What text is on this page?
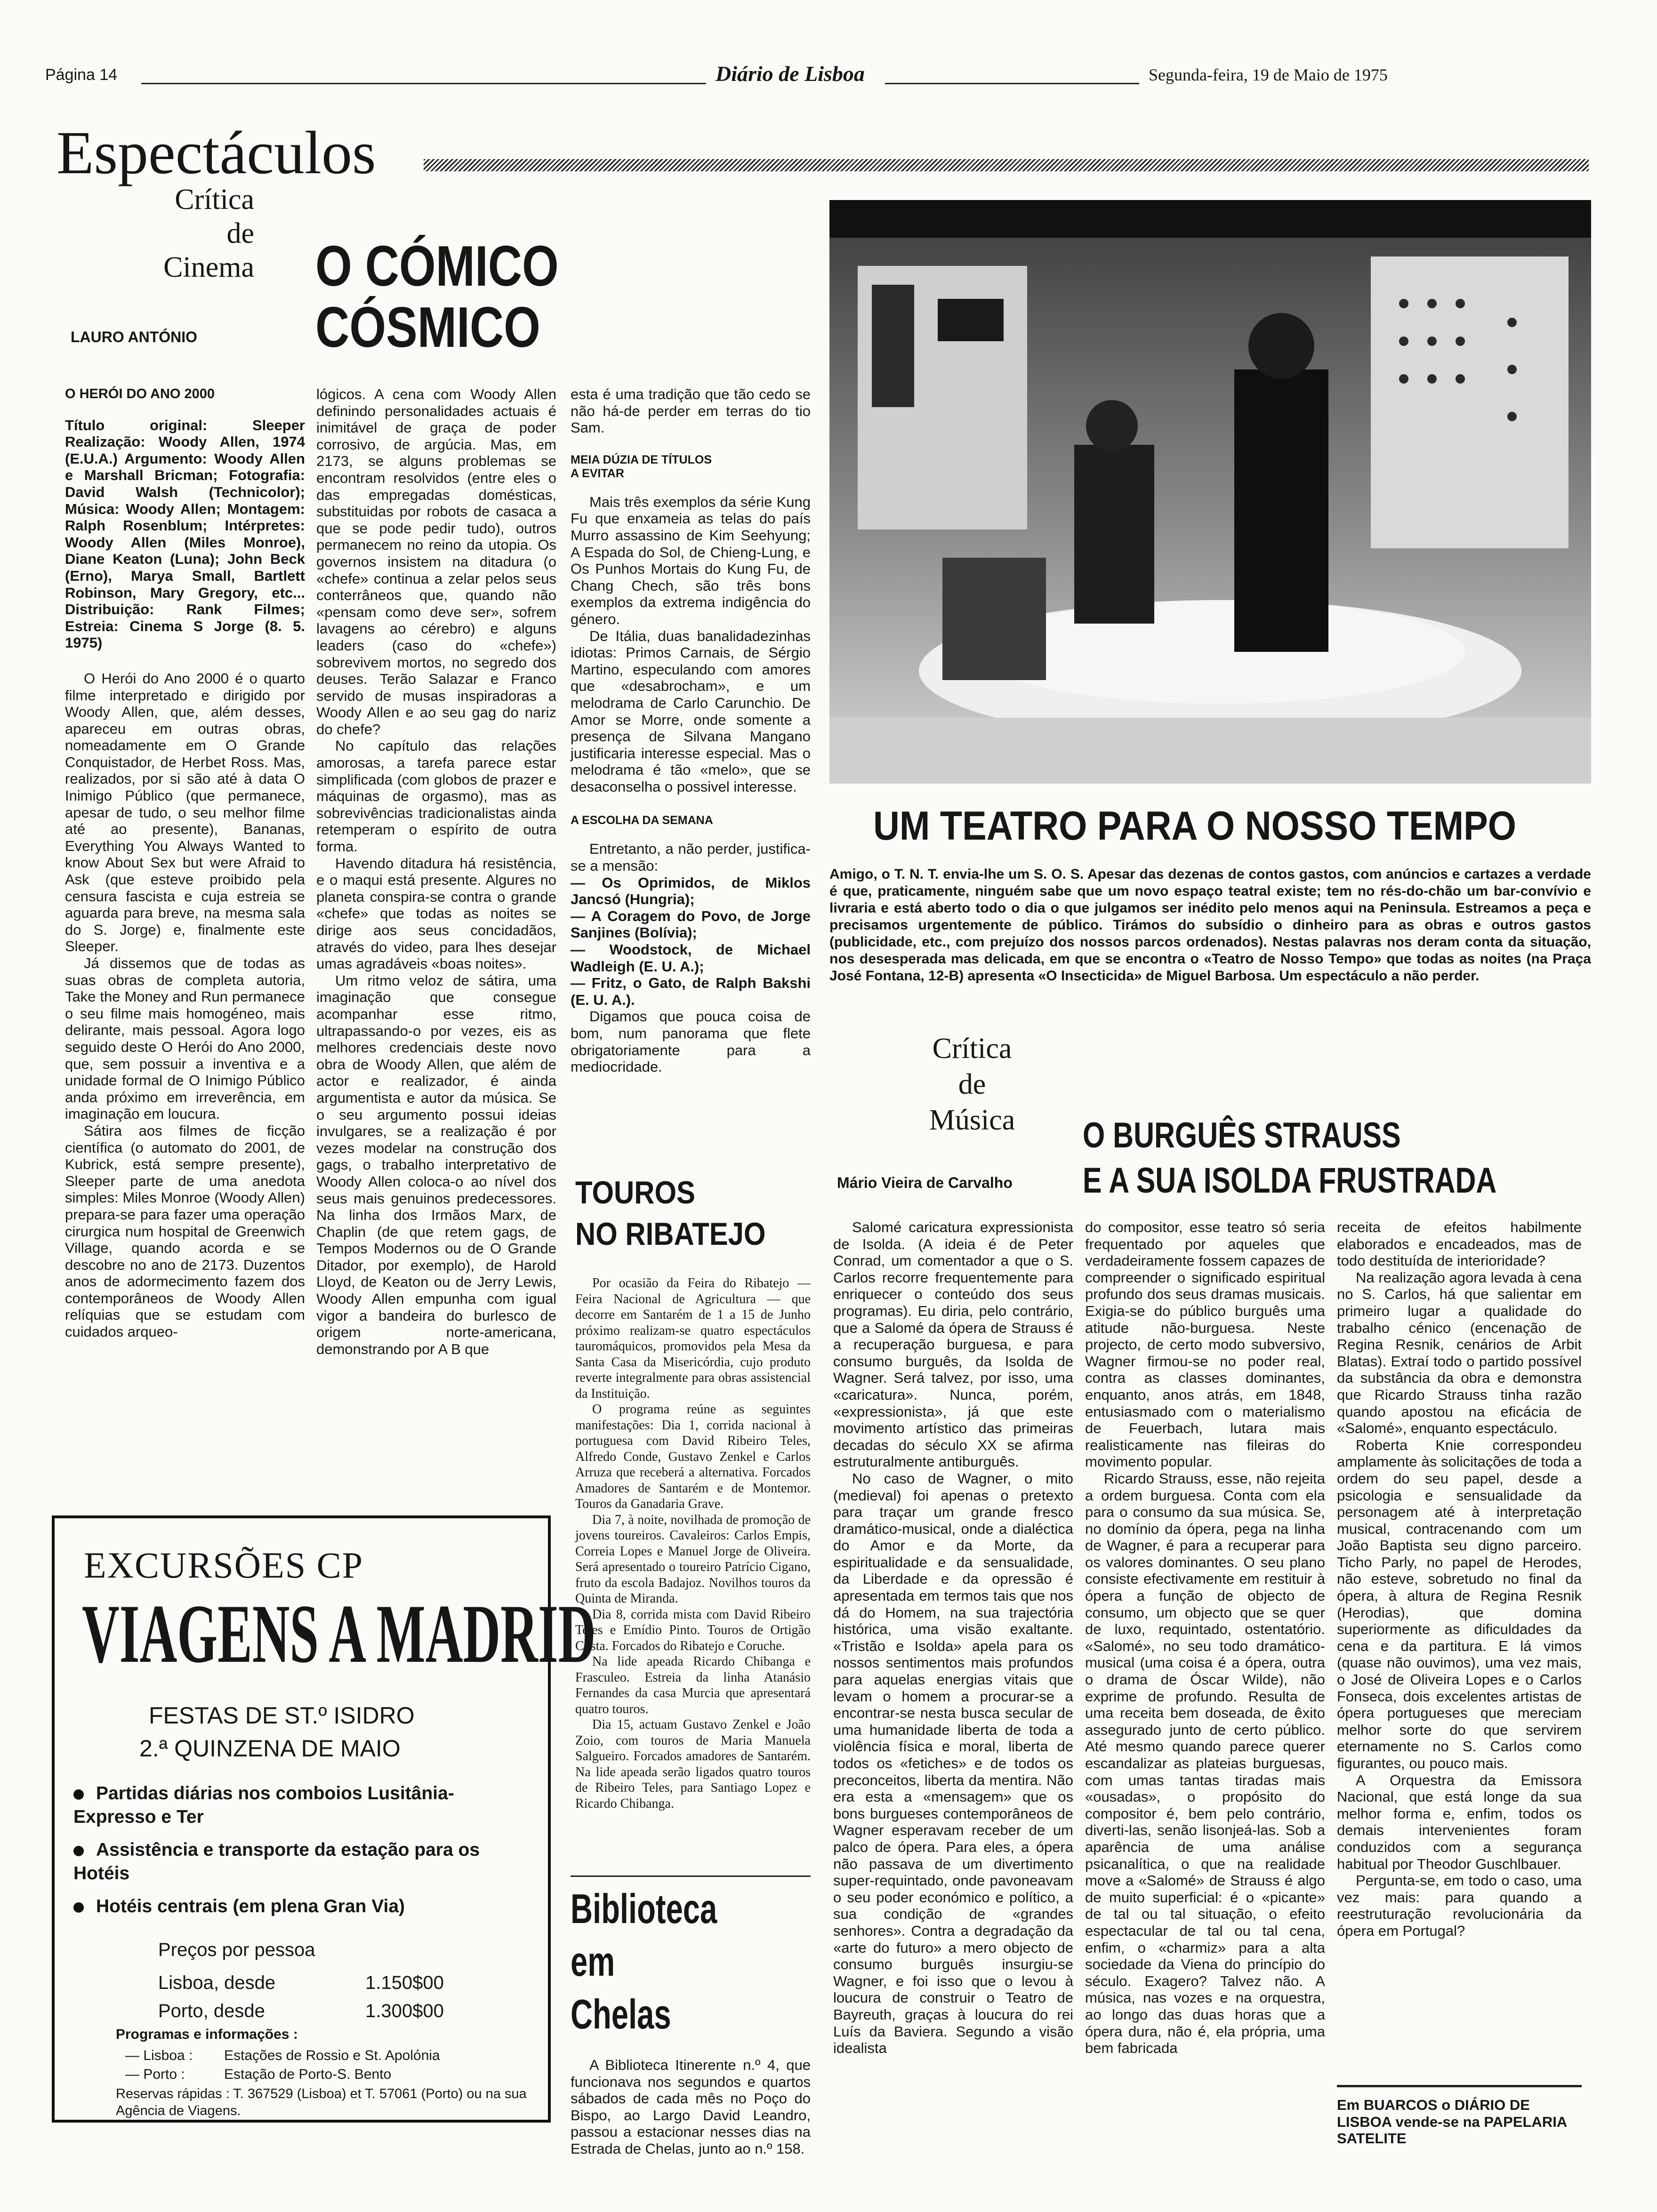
Página 14	Diário de Lisboa	Segunda-feira, 19 de Maio de 1975
Espectáculos
Crítica
de
Cinema
LAURO ANTÓNIO
O CÓMICO
CÓSMICO

O HERÓI DO ANO 2000

Título original: Sleeper Realização: Woody Allen, 1974 (E.U.A.) Argumento: Woody Allen e Marshall Bricman; Fotografia: David Walsh (Technicolor); Música: Woody Allen; Montagem: Ralph Rosenblum; Intérpretes: Woody Allen (Miles Monroe), Diane Keaton (Luna); John Beck (Erno), Marya Small, Bartlett Robinson, Mary Gregory, etc... Distribuição: Rank Filmes; Estreia: Cinema S Jorge (8. 5. 1975)

O Herói do Ano 2000 é o quarto filme interpretado e dirigido por Woody Allen, que, além desses, apareceu em outras obras, nomeadamente em O Grande Conquistador, de Herbet Ross. Mas, realizados, por si são até à data O Inimigo Público (que permanece, apesar de tudo, o seu melhor filme até ao presente), Bananas, Everything You Always Wanted to know About Sex but were Afraid to Ask (que esteve proibido pela censura fascista e cuja estreia se aguarda para breve, na mesma sala do S. Jorge) e, finalmente este Sleeper.

Já dissemos que de todas as suas obras de completa autoria, Take the Money and Run permanece o seu filme mais homogéneo, mais delirante, mais pessoal. Agora logo seguido deste O Herói do Ano 2000, que, sem possuir a inventiva e a unidade formal de O Inimigo Público anda próximo em irreverência, em imaginação em loucura.

Sátira aos filmes de ficção científica (o automato do 2001, de Kubrick, está sempre presente), Sleeper parte de uma anedota simples: Miles Monroe (Woody Allen) prepara-se para fazer uma operação cirurgica num hospital de Greenwich Village, quando acorda e se descobre no ano de 2173. Duzentos anos de adormecimento fazem dos contemporâneos de Woody Allen relíquias que se estudam com cuidados arqueo-

lógicos. A cena com Woody Allen definindo personalidades actuais é inimitável de graça de poder corrosivo, de argúcia. Mas, em 2173, se alguns problemas se encontram resolvidos (entre eles o das empregadas domésticas, substituidas por robots de casaca a que se pode pedir tudo), outros permanecem no reino da utopia. Os governos insistem na ditadura (o «chefe» continua a zelar pelos seus conterrâneos que, quando não «pensam como deve ser», sofrem lavagens ao cérebro) e alguns leaders (caso do «chefe») sobrevivem mortos, no segredo dos deuses. Terão Salazar e Franco servido de musas inspiradoras a Woody Allen e ao seu gag do nariz do chefe?

No capítulo das relações amorosas, a tarefa parece estar simplificada (com globos de prazer e máquinas de orgasmo), mas as sobrevivências tradicionalistas ainda retemperam o espírito de outra forma.

Havendo ditadura há resistência, e o maqui está presente. Algures no planeta conspira-se contra o grande «chefe» que todas as noites se dirige aos seus concidadãos, através do video, para lhes desejar umas agradáveis «boas noites».

Um ritmo veloz de sátira, uma imaginação que consegue acompanhar esse ritmo, ultrapassando-o por vezes, eis as melhores credenciais deste novo obra de Woody Allen, que além de actor e realizador, é ainda argumentista e autor da música. Se o seu argumento possui ideias invulgares, se a realização é por vezes modelar na construção dos gags, o trabalho interpretativo de Woody Allen coloca-o ao nível dos seus mais genuinos predecessores. Na linha dos Irmãos Marx, de Chaplin (de que retem gags, de Tempos Modernos ou de O Grande Ditador, por exemplo), de Harold Lloyd, de Keaton ou de Jerry Lewis, Woody Allen empunha com igual vigor a bandeira do burlesco de origem norte-americana, demonstrando por A B que

esta é uma tradição que tão cedo se não há-de perder em terras do tio Sam.

MEIA DÚZIA DE TÍTULOS A EVITAR

Mais três exemplos da série Kung Fu que enxameia as telas do país Murro assassino de Kim Seehyung; A Espada do Sol, de Chieng-Lung, e Os Punhos Mortais do Kung Fu, de Chang Chech, são três bons exemplos da extrema indigência do género.

De Itália, duas banalidadezinhas idiotas: Primos Carnais, de Sérgio Martino, especulando com amores que «desabrocham», e um melodrama de Carlo Carunchio. De Amor se Morre, onde somente a presença de Silvana Mangano justificaria interesse especial. Mas o melodrama é tão «melo», que se desaconselha o possivel interesse.

A ESCOLHA DA SEMANA

Entretanto, a não perder, justifica-se a mensão:

— Os Oprimidos, de Miklos Jancsó (Hungria);

— A Coragem do Povo, de Jorge Sanjines (Bolívia);

— Woodstock, de Michael Wadleigh (E. U. A.);

— Fritz, o Gato, de Ralph Bakshi (E. U. A.).

Digamos que pouca coisa de bom, num panorama que flete obrigatoriamente para a mediocridade.

UM TEATRO PARA O NOSSO TEMPO
Amigo, o T. N. T. envia-lhe um S. O. S. Apesar das dezenas de contos gastos, com anúncios e cartazes a verdade é que, praticamente, ninguém sabe que um novo espaço teatral existe; tem no rés-do-chão um bar-convívio e livraria e está aberto todo o dia o que julgamos ser inédito pelo menos aqui na Peninsula. Estreamos a peça e precisamos urgentemente de público. Tirámos do subsídio o dinheiro para as obras e outros gastos (publicidade, etc., com prejuízo dos nossos parcos ordenados). Nestas palavras nos deram conta da situação, nos desesperada mas delicada, em que se encontra o «Teatro de Nosso Tempo» que todas as noites (na Praça José Fontana, 12-B) apresenta «O Insecticida» de Miguel Barbosa. Um espectáculo a não perder.
TOUROS
NO RIBATEJO

Por ocasião da Feira do Ribatejo — Feira Nacional de Agricultura — que decorre em Santarém de 1 a 15 de Junho próximo realizam-se quatro espectáculos tauromáquicos, promovidos pela Mesa da Santa Casa da Misericórdia, cujo produto reverte integralmente para obras assistencial da Instituição.

O programa reúne as seguintes manifestações: Dia 1, corrida nacional à portuguesa com David Ribeiro Teles, Alfredo Conde, Gustavo Zenkel e Carlos Arruza que receberá a alternativa. Forcados Amadores de Santarém e de Montemor. Touros da Ganadaria Grave.

Dia 7, à noite, novilhada de promoção de jovens toureiros. Cavaleiros: Carlos Empis, Correia Lopes e Manuel Jorge de Oliveira. Será apresentado o toureiro Patrício Cigano, fruto da escola Badajoz. Novilhos touros da Quinta de Miranda.

Dia 8, corrida mista com David Ribeiro Teles e Emídio Pinto. Touros de Ortigão Costa. Forcados do Ribatejo e Coruche.

Na lide apeada Ricardo Chibanga e Frasculeo. Estreia da linha Atanásio Fernandes da casa Murcia que apresentará quatro touros.

Dia 15, actuam Gustavo Zenkel e João Zoio, com touros de Maria Manuela Salgueiro. Forcados amadores de Santarém. Na lide apeada serão ligados quatro touros de Ribeiro Teles, para Santiago Lopez e Ricardo Chibanga.

Biblioteca
em
Chelas
A Biblioteca Itinerente n.º 4, que funcionava nos segundos e quartos sábados de cada mês no Poço do Bispo, ao Largo David Leandro, passou a estacionar nesses dias na Estrada de Chelas, junto ao n.º 158.
Crítica
de
Música
Mário Vieira de Carvalho
O BURGUÊS STRAUSS
E A SUA ISOLDA FRUSTRADA

Salomé caricatura expressionista de Isolda. (A ideia é de Peter Conrad, um comentador a que o S. Carlos recorre frequentemente para enriquecer o conteúdo dos seus programas). Eu diria, pelo contrário, que a Salomé da ópera de Strauss é a recuperação burguesa, e para consumo burguês, da Isolda de Wagner. Será talvez, por isso, uma «caricatura». Nunca, porém, «expressionista», já que este movimento artístico das primeiras decadas do século XX se afirma estruturalmente antiburguês.

No caso de Wagner, o mito (medieval) foi apenas o pretexto para traçar um grande fresco dramático-musical, onde a dialéctica do Amor e da Morte, da espiritualidade e da sensualidade, da Liberdade e da opressão é apresentada em termos tais que nos dá do Homem, na sua trajectória histórica, uma visão exaltante. «Tristão e Isolda» apela para os nossos sentimentos mais profundos para aquelas energias vitais que levam o homem a procurar-se a encontrar-se nesta busca secular de uma humanidade liberta de toda a violência física e moral, liberta de todos os «fetiches» e de todos os preconceitos, liberta da mentira. Não era esta a «mensagem» que os bons burgueses contemporâneos de Wagner esperavam receber de um palco de ópera. Para eles, a ópera não passava de um divertimento super-requintado, onde pavoneavam o seu poder económico e político, a sua condição de «grandes senhores». Contra a degradação da «arte do futuro» a mero objecto de consumo burguês insurgiu-se Wagner, e foi isso que o levou à loucura de construir o Teatro de Bayreuth, graças à loucura do rei Luís da Baviera. Segundo a visão idealista

do compositor, esse teatro só seria frequentado por aqueles que verdadeiramente fossem capazes de compreender o significado espiritual profundo dos seus dramas musicais. Exigia-se do público burguês uma atitude não-burguesa. Neste projecto, de certo modo subversivo, Wagner firmou-se no poder real, contra as classes dominantes, enquanto, anos atrás, em 1848, entusiasmado com o materialismo de Feuerbach, lutara mais realisticamente nas fileiras do movimento popular.

Ricardo Strauss, esse, não rejeita a ordem burguesa. Conta com ela para o consumo da sua música. Se, no domínio da ópera, pega na linha de Wagner, é para a recuperar para os valores dominantes. O seu plano consiste efectivamente em restituir à ópera a função de objecto de consumo, um objecto que se quer de luxo, requintado, ostentatório. «Salomé», no seu todo dramático-musical (uma coisa é a ópera, outra o drama de Óscar Wilde), não exprime de profundo. Resulta de uma receita bem doseada, de êxito assegurado junto de certo público. Até mesmo quando parece querer escandalizar as plateias burguesas, com umas tantas tiradas mais «ousadas», o propósito do compositor é, bem pelo contrário, diverti-las, senão lisonjeá-las. Sob a aparência de uma análise psicanalítica, o que na realidade move a «Salomé» de Strauss é algo de muito superficial: é o «picante» de tal ou tal situação, o efeito espectacular de tal ou tal cena, enfim, o «charmiz» para a alta sociedade da Viena do princípio do século. Exagero? Talvez não. A música, nas vozes e na orquestra, ao longo das duas horas que a ópera dura, não é, ela própria, uma bem fabricada

receita de efeitos habilmente elaborados e encadeados, mas de todo destituída de interioridade?

Na realização agora levada à cena no S. Carlos, há que salientar em primeiro lugar a qualidade do trabalho cénico (encenação de Regina Resnik, cenários de Arbit Blatas). Extraí todo o partido possível da substância da obra e demonstra que Ricardo Strauss tinha razão quando apostou na eficácia de «Salomé», enquanto espectáculo.

Roberta Knie correspondeu amplamente às solicitações de toda a ordem do seu papel, desde a psicologia e sensualidade da personagem até à interpretação musical, contracenando com um João Baptista seu digno parceiro. Ticho Parly, no papel de Herodes, não esteve, sobretudo no final da ópera, à altura de Regina Resnik (Herodias), que domina superiormente as dificuldades da cena e da partitura. E lá vimos (quase não ouvimos), uma vez mais, o José de Oliveira Lopes e o Carlos Fonseca, dois excelentes artistas de ópera portugueses que mereciam melhor sorte do que servirem eternamente no S. Carlos como figurantes, ou pouco mais.

A Orquestra da Emissora Nacional, que está longe da sua melhor forma e, enfim, todos os demais intervenientes foram conduzidos com a segurança habitual por Theodor Guschlbauer.

Pergunta-se, em todo o caso, uma vez mais: para quando a reestruturação revolucionária da ópera em Portugal?

Em BUARCOS o DIÁRIO DE LISBOA vende-se na PAPELARIA SATELITE
EXCURSÕES CP
VIAGENS A MADRID
FESTAS DE ST.º ISIDRO
2.ª QUINZENA DE MAIO
Partidas diárias nos comboios Lusitânia-Expresso e Ter
Assistência e transporte da estação para os Hotéis
Hotéis centrais (em plena Gran Via)
Preços por pessoa
Lisboa, desde	1.150$00
Porto, desde	1.300$00
Programas e informações :
— Lisboa : Estações de Rossio e St. Apolónia
— Porto :	Estação de Porto-S. Bento
Reservas rápidas : T. 367529 (Lisboa) et T. 57061 (Porto) ou na sua Agência de Viagens.
